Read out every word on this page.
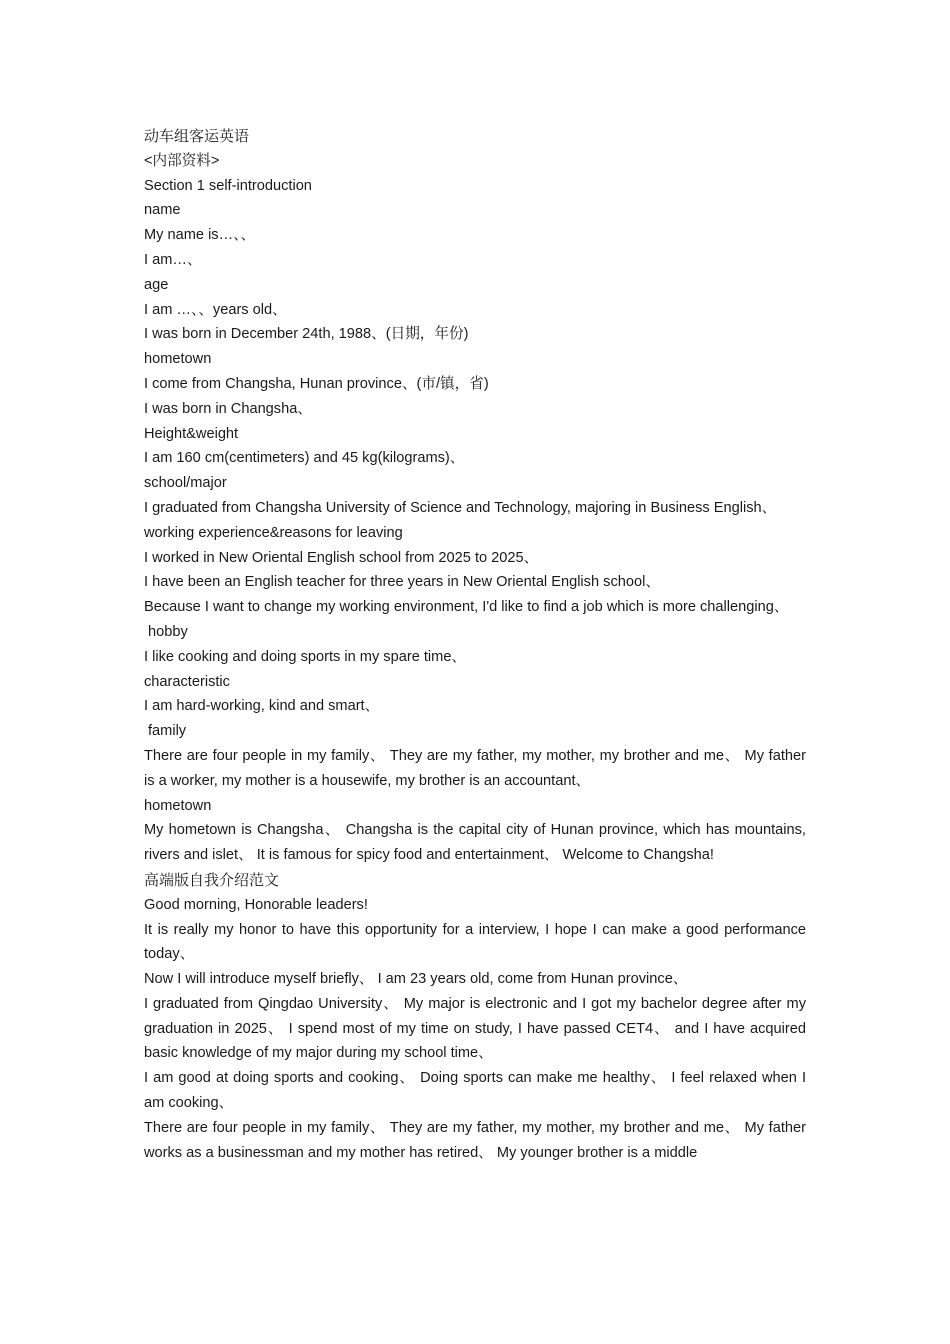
动车组客运英语
<内部资料>
Section 1 self-introduction
name
My name is…、、
I am…、
age
I am …、、years old、
I was born in December 24th, 1988、(日期，年份)
hometown
I come from Changsha, Hunan province、(市/镇，省)
I was born in Changsha、
Height&weight
I am 160 cm(centimeters) and 45 kg(kilograms)、
school/major
I graduated from Changsha University of Science and Technology, majoring in Business English、
working experience&reasons for leaving
I worked in New Oriental English school from 2025 to 2025、
I have been an English teacher for three years in New Oriental English school、
Because I want to change my working environment, I'd like to find a job which is more challenging、
hobby
I like cooking and doing sports in my spare time、
characteristic
I am hard-working, kind and smart、
family
There are four people in my family、 They are my father, my mother, my brother and me、 My father is a worker, my mother is a housewife, my brother is an accountant、
hometown
My hometown is Changsha、 Changsha is the capital city of Hunan province, which has mountains, rivers and islet、 It is famous for spicy food and entertainment、 Welcome to Changsha!
高端版自我介绍范文
Good morning, Honorable leaders!
It is really my honor to have this opportunity for a interview, I hope I can make a good performance today、
Now I will introduce myself briefly、 I am 23 years old, come from Hunan province、
I graduated from Qingdao University、 My major is electronic and I got my bachelor degree after my graduation in 2025、 I spend most of my time on study, I have passed CET4、 and I have acquired basic knowledge of my major during my school time、
I am good at doing sports and cooking、 Doing sports can make me healthy、 I feel relaxed when I am cooking、
There are four people in my family、 They are my father, my mother, my brother and me、 My father works as a businessman and my mother has retired、 My younger brother is a middle
